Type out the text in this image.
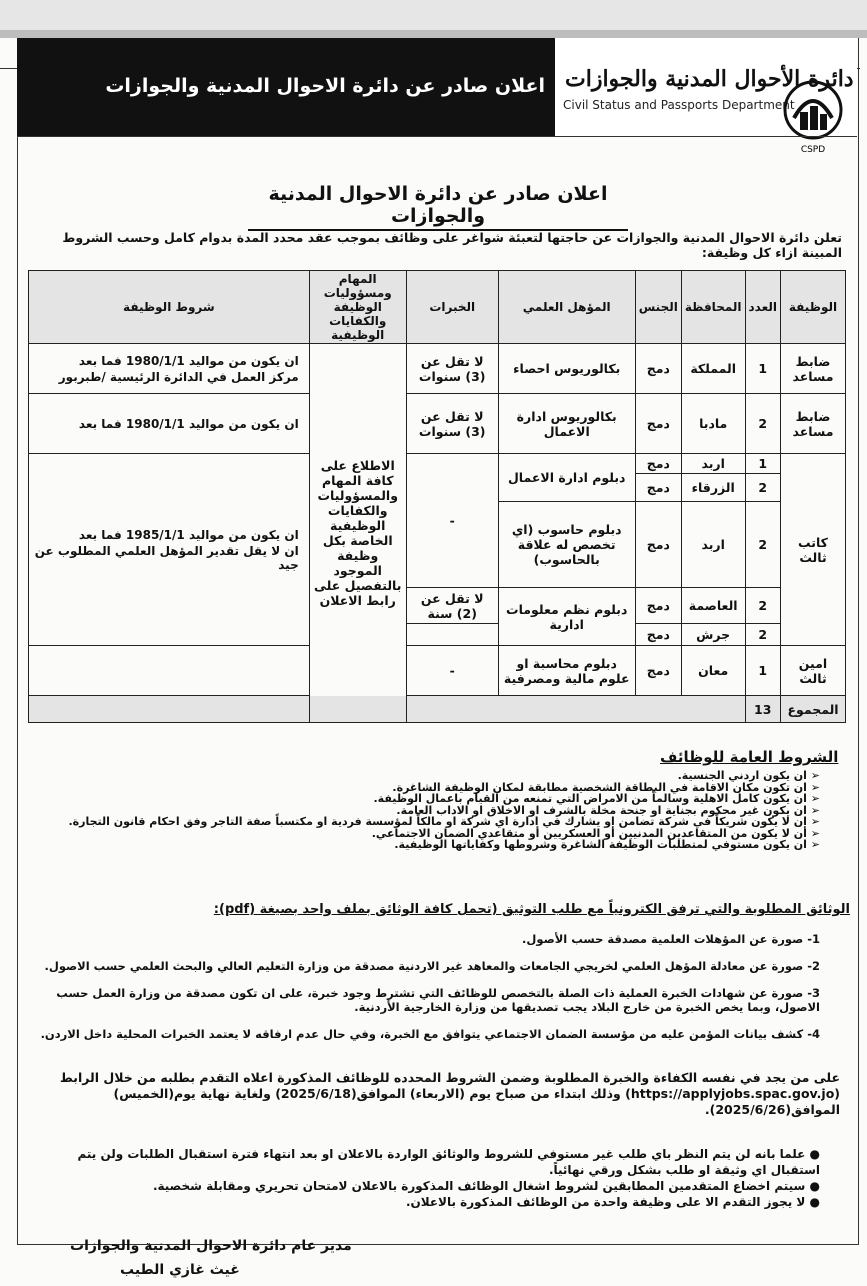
اعلان صادر عن دائرة الاحوال المدنية والجوازات دائرة الأحوال المدنية والجوازات
Civil Status and Passports Department
CSPD
اعلان صادر عن دائرة الاحوال المدنية والجوازات
تعلن دائرة الاحوال المدنية والجوازات عن حاجتها لتعبئة شواغر على وظائف بموجب عقد محدد المدة بدوام كامل وحسب الشروط المبينة ازاء كل وظيفة:
الوظيفة	العدد	المحافظة	الجنس	المؤهل العلمي	الخبرات	المهام ومسؤوليات الوظيفة والكفايات الوظيفية	شروط الوظيفة
ضابط مساعد	1	المملكة	دمج	بكالوريوس احصاء	لا تقل عن (3) سنوات	الاطلاع على كافة المهام والمسؤوليات والكفايات الوظيفية الخاصة بكل وظيفة الموجود بالتفصيل على رابط الاعلان	ان يكون من مواليد 1980/1/1 فما بعد
مركز العمل في الدائرة الرئيسية /طبربور

ضابط مساعد	2	مادبا	دمج	بكالوريوس ادارة الاعمال	لا تقل عن (3) سنوات		ان يكون من مواليد 1980/1/1 فما بعد

كاتب ثالث	1	اربد	دمج	دبلوم ادارة الاعمال	-		ان يكون من مواليد 1985/1/1 فما بعد
ان لا يقل تقدير المؤهل العلمي المطلوب عن جيد

	2	الزرقاء	دمج				
	2	اربد	دمج	دبلوم حاسوب (اي تخصص له علاقة بالحاسوب)			
	2	العاصمة	دمج	دبلوم نظم معلومات ادارية	لا تقل عن (2) سنة		
	2	جرش	دمج				
امين ثالث	1	معان	دمج	دبلوم محاسبة او علوم مالية ومصرفية	-		
المجموع	13						
الشروط العامة للوظائف
➢ ان يكون اردني الجنسية.
➢ ان تكون مكان الاقامة في البطاقة الشخصية مطابقة لمكان الوظيفة الشاغرة.
➢ ان يكون كامل الاهلية وسالماً من الامراض التي تمنعه من القيام باعمال الوظيفة.
➢ ان يكون غير محكوم بجناية او جنحة مخلة بالشرف او الاخلاق او الاداب العامة.
➢ ان لا يكون شريكاً في شركة تضامن او يشارك في ادارة اي شركة او مالكاً لمؤسسة فردية او مكتسباً صفة التاجر وفق احكام قانون التجارة.
➢ أن لا يكون من المتقاعدين المدنيين أو العسكريين أو متقاعدي الضمان الاجتماعي.
➢ ان يكون مستوفي لمتطلبات الوظيفة الشاغرة وشروطها وكفاياتها الوظيفية.
الوثائق المطلوبة والتي ترفق الكترونياً مع طلب التوثيق (تحمل كافة الوثائق بملف واحد بصيغة (pdf):
1- صورة عن المؤهلات العلمية مصدقة حسب الأصول.
2- صورة عن معادلة المؤهل العلمي لخريجي الجامعات والمعاهد غير الاردنية مصدقة من وزارة التعليم العالي والبحث العلمي حسب الاصول.
3- صورة عن شهادات الخبرة العملية ذات الصلة بالتخصص للوظائف التي تشترط وجود خبرة، على ان تكون مصدقة من وزارة العمل حسب الاصول، وبما يخص الخبرة من خارج البلاد يجب تصديقها من وزارة الخارجية الأردنية.
4- كشف بيانات المؤمن عليه من مؤسسة الضمان الاجتماعي يتوافق مع الخبرة، وفي حال عدم ارفاقه لا يعتمد الخبرات المحلية داخل الاردن.
على من يجد في نفسه الكفاءة والخبرة المطلوبة وضمن الشروط المحدده للوظائف المذكورة اعلاه التقدم بطلبه من خلال الرابط (https://applyjobs.spac.gov.jo) وذلك ابتداء من صباح يوم (الاربعاء) الموافق(2025/6/18) ولغاية نهاية يوم(الخميس) الموافق(2025/6/26).
● علما بانه لن يتم النظر باي طلب غير مستوفي للشروط والوثائق الواردة بالاعلان او بعد انتهاء فترة استقبال الطلبات ولن يتم استقبال اي وثيقة او طلب بشكل ورقي نهائياً.
● سيتم اخضاع المتقدمين المطابقين لشروط اشغال الوظائف المذكورة بالاعلان لامتحان تحريري ومقابلة شخصية.
● لا يجوز التقدم الا على وظيفة واحدة من الوظائف المذكورة بالاعلان.
مدير عام دائرة الاحوال المدنية والجوازات
غيث غازي الطيب
